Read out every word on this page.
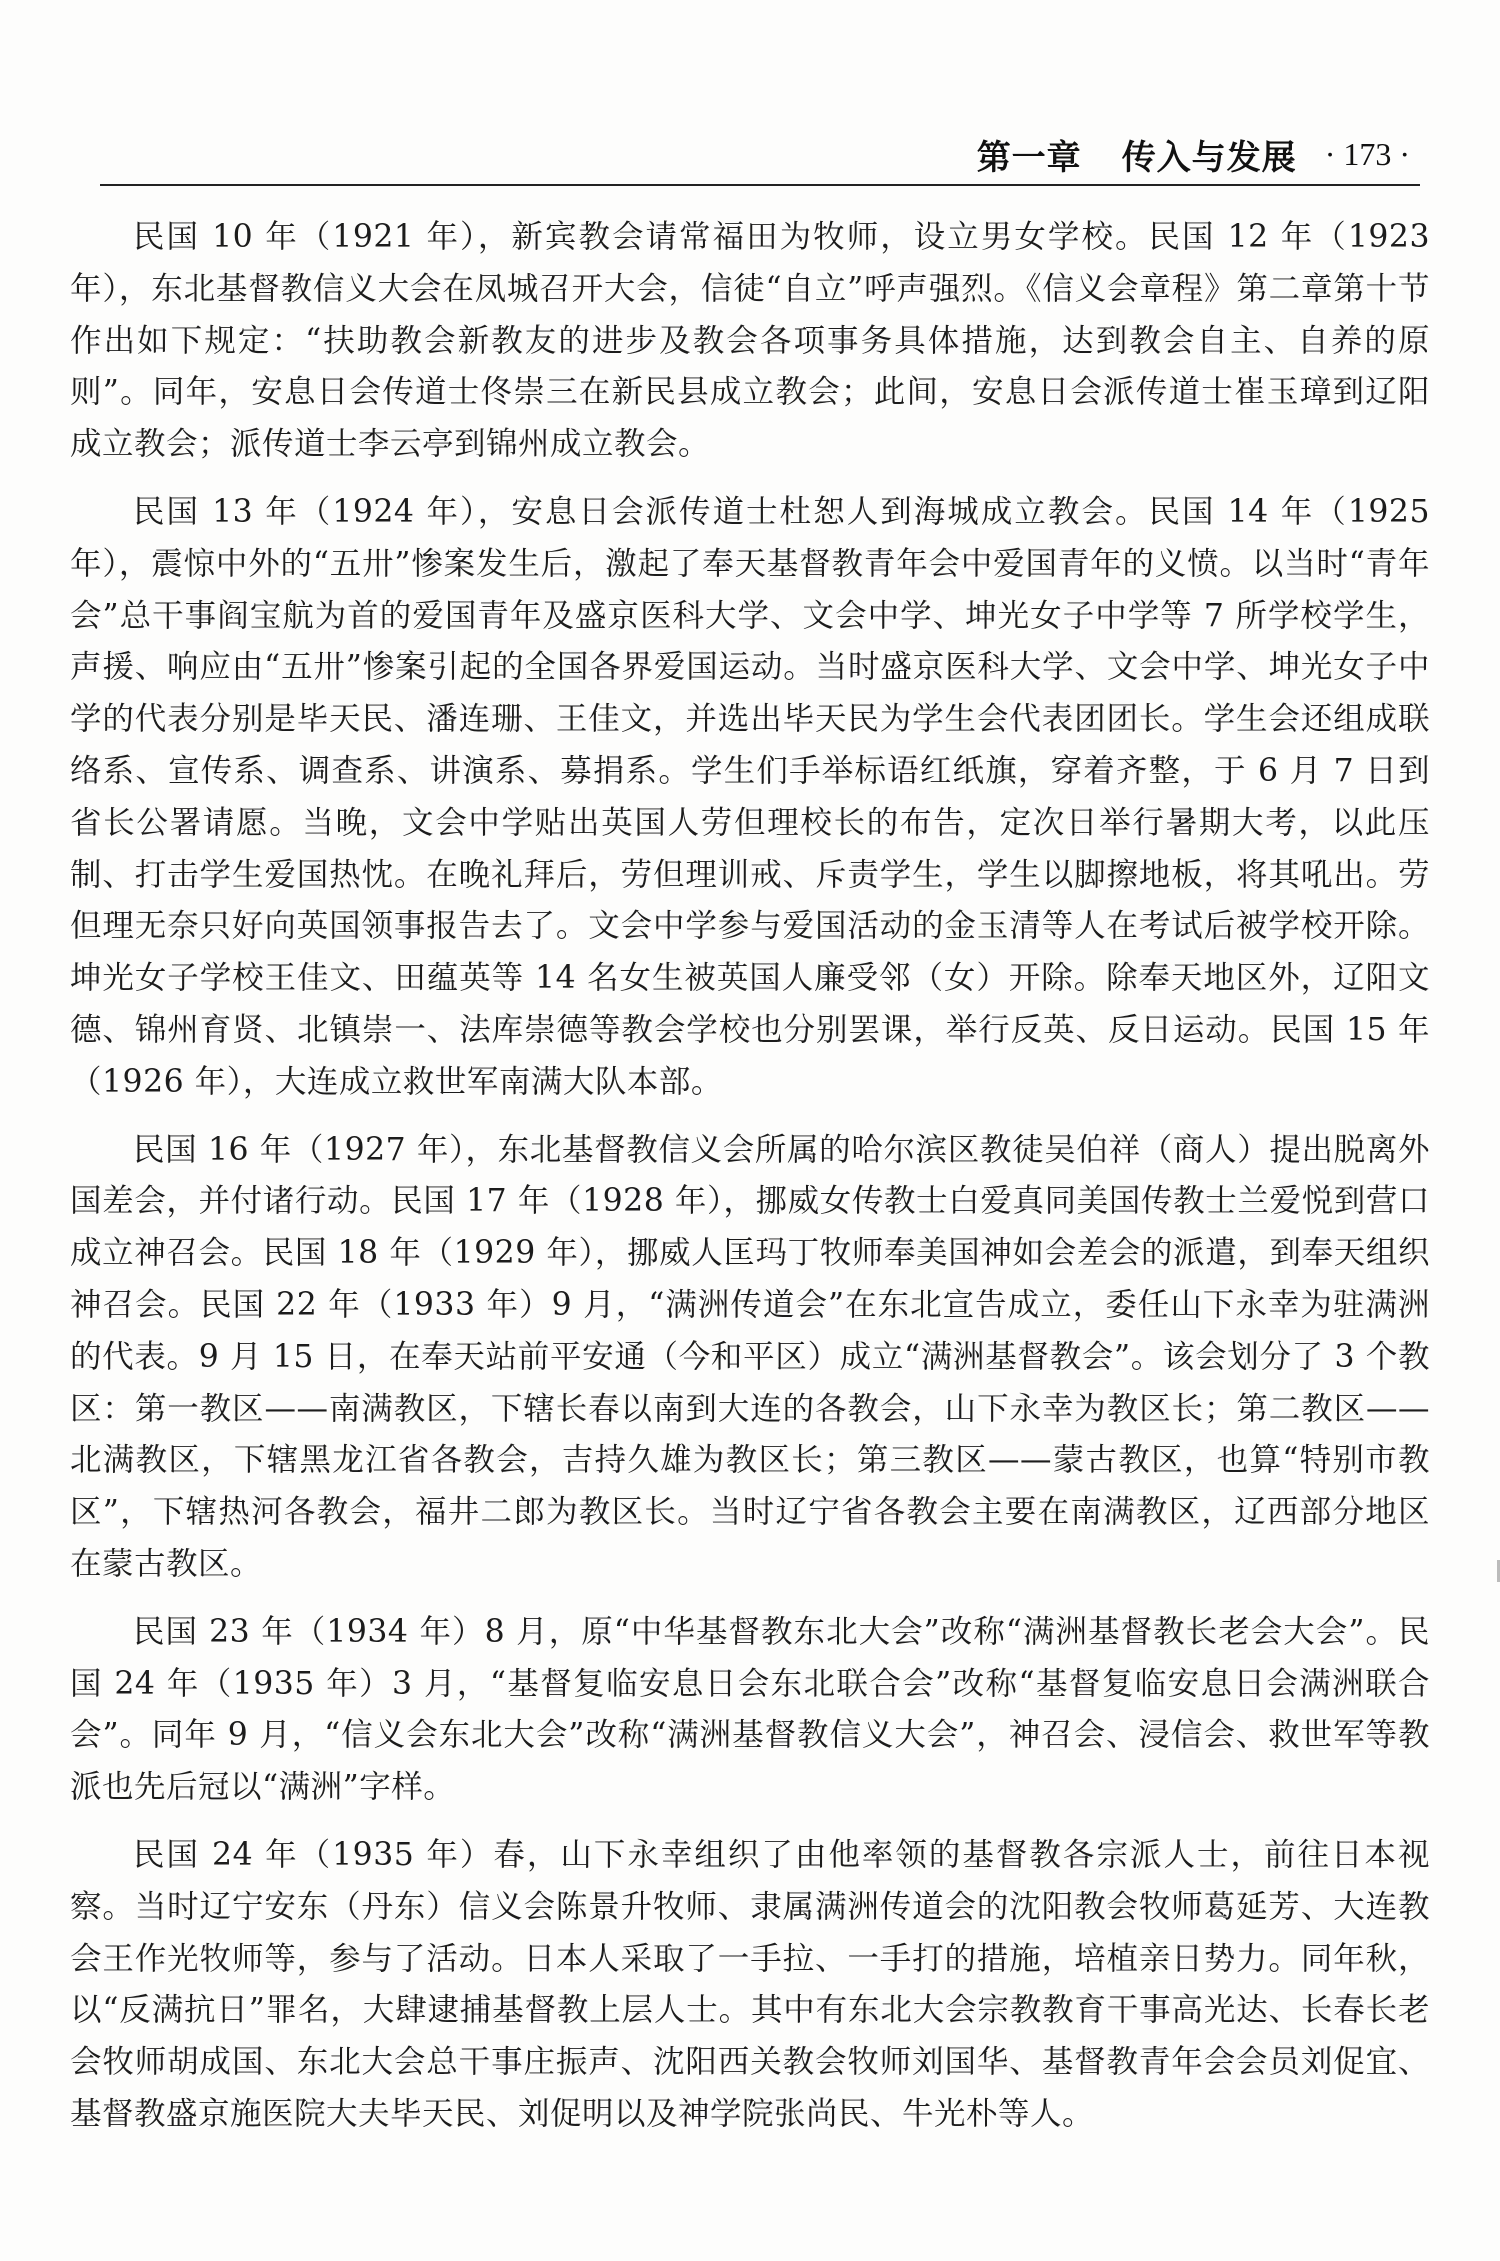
第一章 传入与发展 · 173 ·

民国 10 年（1921 年），新宾教会请常福田为牧师，设立男女学校。民国 12 年（1923 年），东北基督教信义大会在凤城召开大会，信徒“自立”呼声强烈。《信义会章程》第二章第十节作出如下规定：“扶助教会新教友的进步及教会各项事务具体措施，达到教会自主、自养的原则”。同年，安息日会传道士佟崇三在新民县成立教会；此间，安息日会派传道士崔玉璋到辽阳成立教会；派传道士李云亭到锦州成立教会。

民国 13 年（1924 年），安息日会派传道士杜恕人到海城成立教会。民国 14 年（1925 年），震惊中外的“五卅”惨案发生后，激起了奉天基督教青年会中爱国青年的义愤。以当时“青年会”总干事阎宝航为首的爱国青年及盛京医科大学、文会中学、坤光女子中学等 7 所学校学生，声援、响应由“五卅”惨案引起的全国各界爱国运动。当时盛京医科大学、文会中学、坤光女子中学的代表分别是毕天民、潘连珊、王佳文，并选出毕天民为学生会代表团团长。学生会还组成联络系、宣传系、调查系、讲演系、募捐系。学生们手举标语红纸旗，穿着齐整，于 6 月 7 日到省长公署请愿。当晚，文会中学贴出英国人劳但理校长的布告，定次日举行暑期大考，以此压制、打击学生爱国热忱。在晚礼拜后，劳但理训戒、斥责学生，学生以脚擦地板，将其吼出。劳但理无奈只好向英国领事报告去了。文会中学参与爱国活动的金玉清等人在考试后被学校开除。坤光女子学校王佳文、田蕴英等 14 名女生被英国人廉受邻（女）开除。除奉天地区外，辽阳文德、锦州育贤、北镇崇一、法库崇德等教会学校也分别罢课，举行反英、反日运动。民国 15 年（1926 年），大连成立救世军南满大队本部。

民国 16 年（1927 年），东北基督教信义会所属的哈尔滨区教徒吴伯祥（商人）提出脱离外国差会，并付诸行动。民国 17 年（1928 年），挪威女传教士白爱真同美国传教士兰爱悦到营口成立神召会。民国 18 年（1929 年），挪威人匡玛丁牧师奉美国神如会差会的派遣，到奉天组织神召会。民国 22 年（1933 年）9 月，“满洲传道会”在东北宣告成立，委任山下永幸为驻满洲的代表。9 月 15 日，在奉天站前平安通（今和平区）成立“满洲基督教会”。该会划分了 3 个教区：第一教区——南满教区，下辖长春以南到大连的各教会，山下永幸为教区长；第二教区——北满教区，下辖黑龙江省各教会，吉持久雄为教区长；第三教区——蒙古教区，也算“特别市教区”，下辖热河各教会，福井二郎为教区长。当时辽宁省各教会主要在南满教区，辽西部分地区在蒙古教区。

民国 23 年（1934 年）8 月，原“中华基督教东北大会”改称“满洲基督教长老会大会”。民国 24 年（1935 年）3 月，“基督复临安息日会东北联合会”改称“基督复临安息日会满洲联合会”。同年 9 月，“信义会东北大会”改称“满洲基督教信义大会”，神召会、浸信会、救世军等教派也先后冠以“满洲”字样。

民国 24 年（1935 年）春，山下永幸组织了由他率领的基督教各宗派人士，前往日本视察。当时辽宁安东（丹东）信义会陈景升牧师、隶属满洲传道会的沈阳教会牧师葛延芳、大连教会王作光牧师等，参与了活动。日本人采取了一手拉、一手打的措施，培植亲日势力。同年秋，以“反满抗日”罪名，大肆逮捕基督教上层人士。其中有东北大会宗教教育干事高光达、长春长老会牧师胡成国、东北大会总干事庄振声、沈阳西关教会牧师刘国华、基督教青年会会员刘促宜、基督教盛京施医院大夫毕天民、刘促明以及神学院张尚民、牛光朴等人。
